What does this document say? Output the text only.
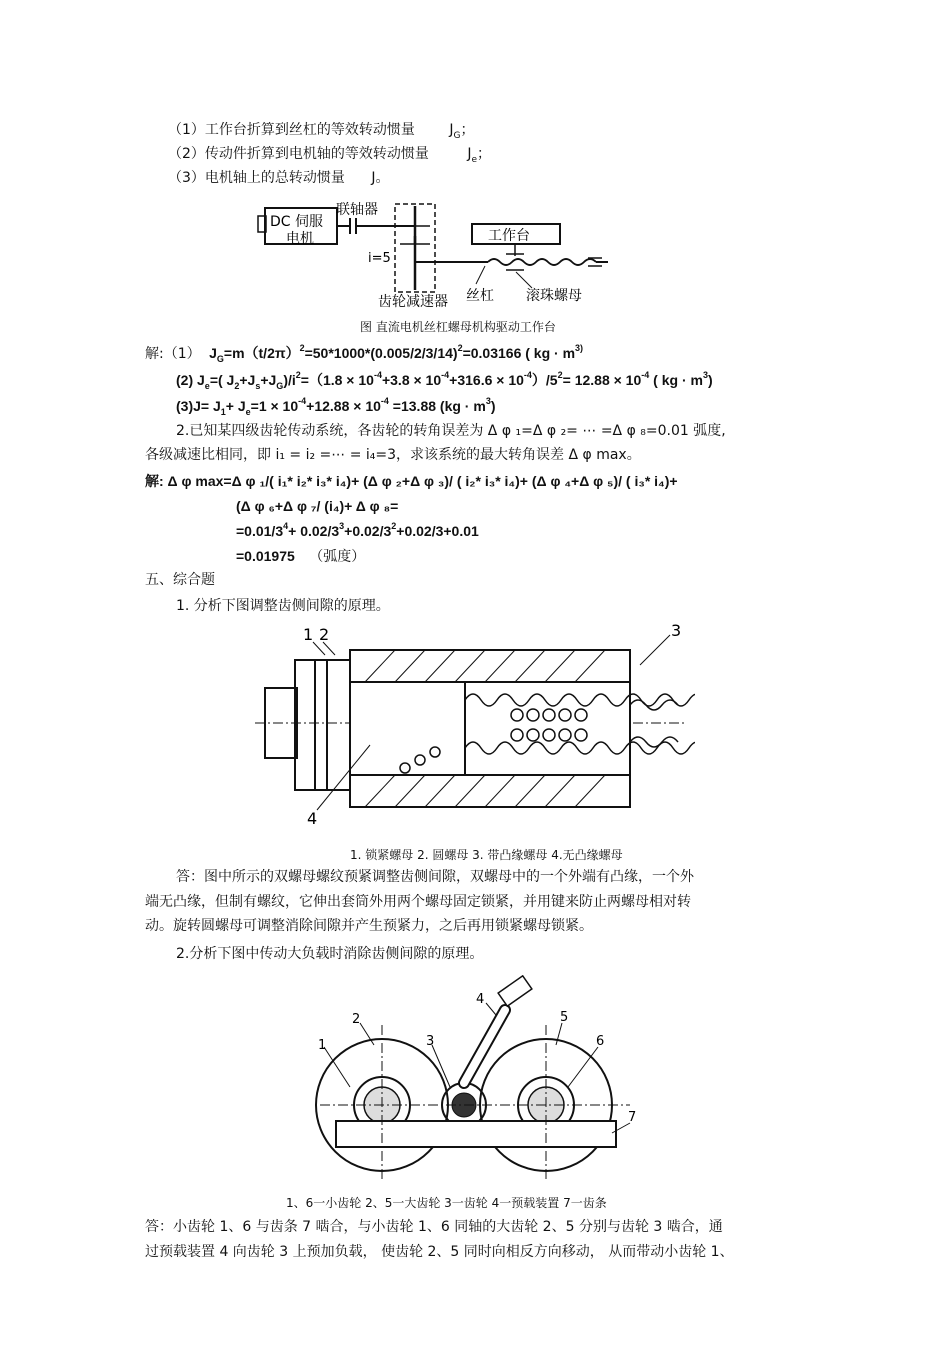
（1）工作台折算到丝杠的等效转动惯量 $J_G$；
（2）传动件折算到电机轴的等效转动惯量	$J_e$；
（3）电机轴上的总转动惯量 J。
DC 伺服
电机
联轴器
i=5
工作台
齿轮减速器 丝杠 滚珠螺母
图 直流电机丝杠螺母机构驱动工作台
解:（1） $J_G=m(t/2\pi)^2=50*1000*(0.005/2/3/14)^2=0.03166$ ( kg · $m^{3)}$
(2) $J_e=$( $J_2+J_s+J_G)/i^2=(1.8 \times 10^{-4}+3.8 \times 10^{-4}+316.6 \times 10^{-4})/5^2= 12.88 \times 10^{-4}$ ( kg · $m^3$)
$(3)J= J_1+ J_e=1 \times 10^{-4}+12.88 \times 10^{-4} =13.88$ $(kg \cdot m^3)$
2.已知某四级齿轮传动系统，各齿轮的转角误差为 Δ φ ₁=Δ φ ₂= ⋯ =Δ φ ₈=0.01 弧度,
各级减速比相同，即 i₁ = i₂ =⋯ = i₄=3，求该系统的最大转角误差 Δ φ max。
解: Δ φ max=Δ φ ₁/( i₁* i₂* i₃* i₄)+ (Δ φ ₂+Δ φ ₃)/ ( i₂* i₃* i₄)+ (Δ φ ₄+Δ φ ₅)/ ( i₃* i₄)+
(Δ φ ₆+Δ φ ₇/ (i₄)+ Δ φ ₈=
$=0.01/3^4+ 0.02/3^3+0.02/3^2+0.02/3+0.01$
=0.01975 （弧度）
五、综合题
1. 分析下图调整齿侧间隙的原理。
1 2	3
4
1. 锁紧螺母 2. 圆螺母 3. 带凸缘螺母 4.无凸缘螺母
答：图中所示的双螺母螺纹预紧调整齿侧间隙，双螺母中的一个外端有凸缘，一个外
端无凸缘，但制有螺纹，它伸出套筒外用两个螺母固定锁紧，并用键来防止两螺母相对转
动。旋转圆螺母可调整消除间隙并产生预紧力，之后再用锁紧螺母锁紧。
2.分析下图中传动大负载时消除齿侧间隙的原理。
1
2
3
4
5
6
7
1、6一小齿轮 2、5一大齿轮 3一齿轮 4一预载装置 7一齿条
答：小齿轮 1、6 与齿条 7 啮合，与小齿轮 1、6 同轴的大齿轮 2、5 分别与齿轮 3 啮合，通
过预载装置 4 向齿轮 3 上预加负载， 使齿轮 2、5 同时向相反方向移动， 从而带动小齿轮 1、
